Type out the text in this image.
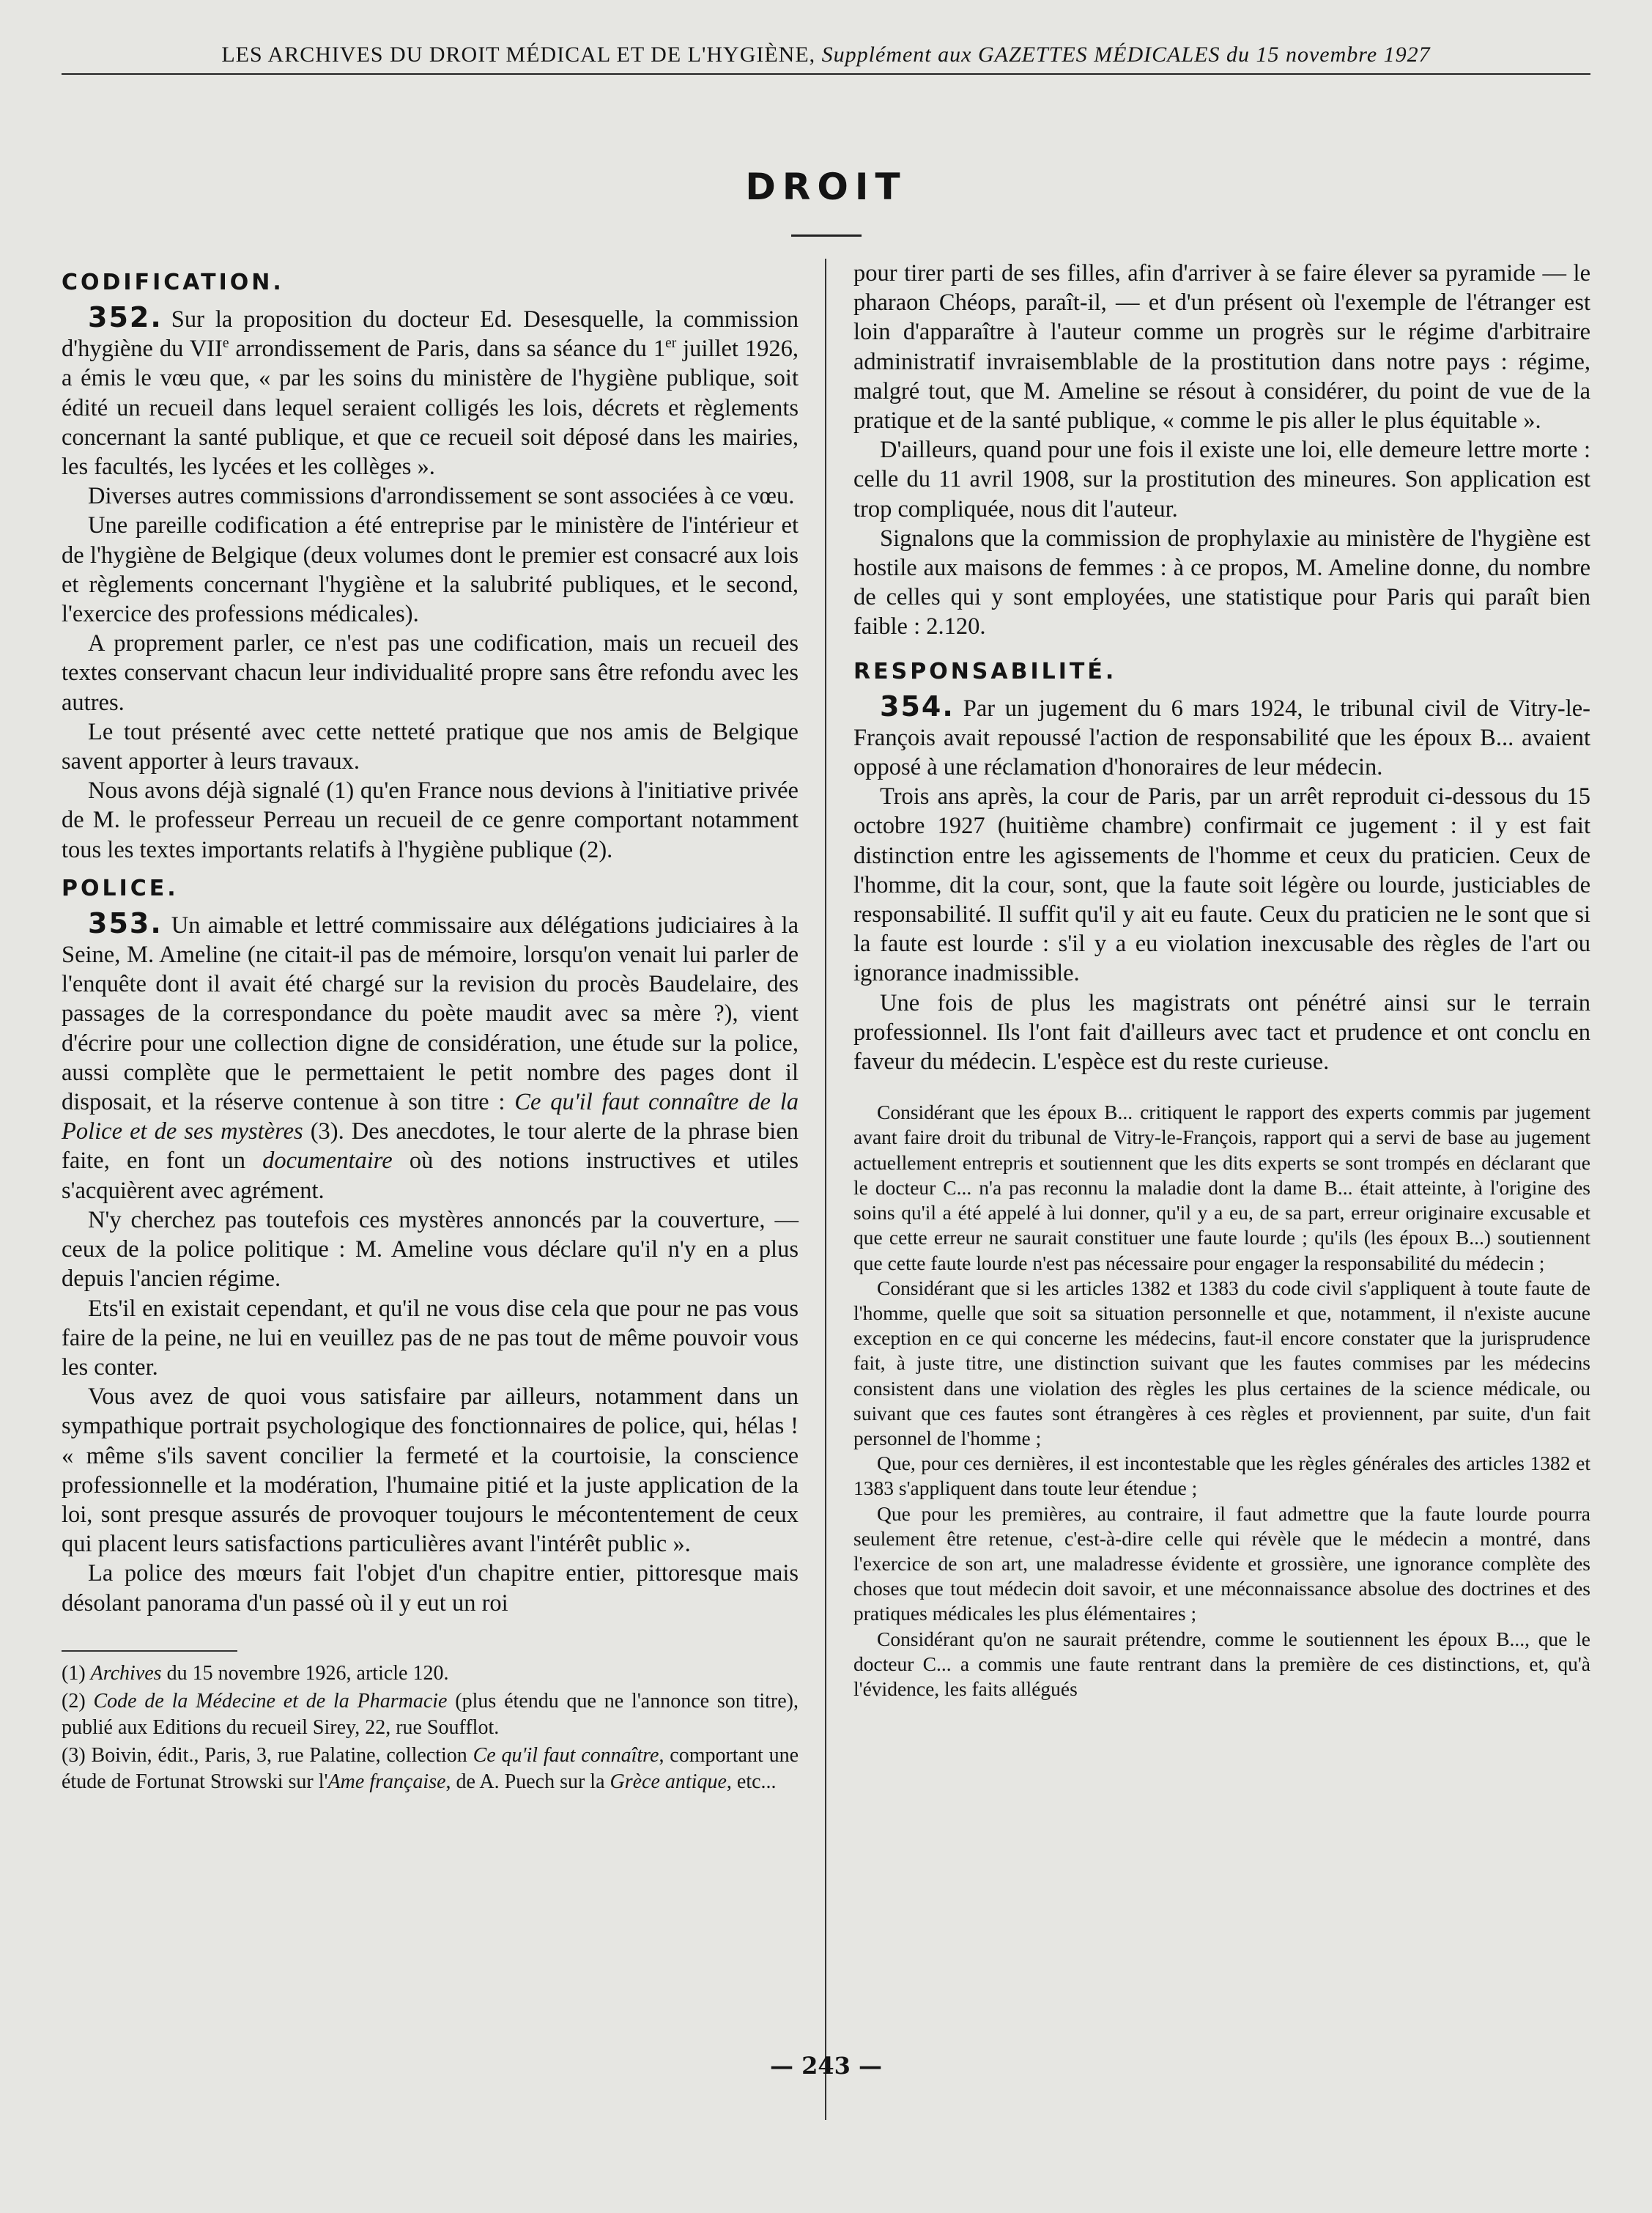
LES ARCHIVES DU DROIT MÉDICAL ET DE L'HYGIÈNE, Supplément aux GAZETTES MÉDICALES du 15 novembre 1927
DROIT
CODIFICATION.

352. Sur la proposition du docteur Ed. Desesquelle, la commission d'hygiène du VIIe arrondissement de Paris, dans sa séance du 1er juillet 1926, a émis le vœu que, « par les soins du ministère de l'hygiène publique, soit édité un recueil dans lequel seraient colligés les lois, décrets et règlements concernant la santé publique, et que ce recueil soit déposé dans les mairies, les facultés, les lycées et les collèges ».

Diverses autres commissions d'arrondissement se sont associées à ce vœu.

Une pareille codification a été entreprise par le ministère de l'intérieur et de l'hygiène de Belgique (deux volumes dont le premier est consacré aux lois et règlements concernant l'hygiène et la salubrité publiques, et le second, l'exercice des professions médicales).

A proprement parler, ce n'est pas une codification, mais un recueil des textes conservant chacun leur individualité propre sans être refondu avec les autres.

Le tout présenté avec cette netteté pratique que nos amis de Belgique savent apporter à leurs travaux.

Nous avons déjà signalé (1) qu'en France nous devions à l'initiative privée de M. le professeur Perreau un recueil de ce genre comportant notamment tous les textes importants relatifs à l'hygiène publique (2).

POLICE.

353. Un aimable et lettré commissaire aux délégations judiciaires à la Seine, M. Ameline (ne citait-il pas de mémoire, lorsqu'on venait lui parler de l'enquête dont il avait été chargé sur la revision du procès Baudelaire, des passages de la correspondance du poète maudit avec sa mère ?), vient d'écrire pour une collection digne de considération, une étude sur la police, aussi complète que le permettaient le petit nombre des pages dont il disposait, et la réserve contenue à son titre : Ce qu'il faut connaître de la Police et de ses mystères (3). Des anecdotes, le tour alerte de la phrase bien faite, en font un documentaire où des notions instructives et utiles s'acquièrent avec agrément.

N'y cherchez pas toutefois ces mystères annoncés par la couverture, — ceux de la police politique : M. Ameline vous déclare qu'il n'y en a plus depuis l'ancien régime.

Ets'il en existait cependant, et qu'il ne vous dise cela que pour ne pas vous faire de la peine, ne lui en veuillez pas de ne pas tout de même pouvoir vous les conter.

Vous avez de quoi vous satisfaire par ailleurs, notamment dans un sympathique portrait psychologique des fonctionnaires de police, qui, hélas ! « même s'ils savent concilier la fermeté et la courtoisie, la conscience professionnelle et la modération, l'humaine pitié et la juste application de la loi, sont presque assurés de provoquer toujours le mécontentement de ceux qui placent leurs satisfactions particulières avant l'intérêt public ».

La police des mœurs fait l'objet d'un chapitre entier, pittoresque mais désolant panorama d'un passé où il y eut un roi

(1) Archives du 15 novembre 1926, article 120.

(2) Code de la Médecine et de la Pharmacie (plus étendu que ne l'annonce son titre), publié aux Editions du recueil Sirey, 22, rue Soufflot.

(3) Boivin, édit., Paris, 3, rue Palatine, collection Ce qu'il faut connaître, comportant une étude de Fortunat Strowski sur l'Ame française, de A. Puech sur la Grèce antique, etc...

pour tirer parti de ses filles, afin d'arriver à se faire élever sa pyramide — le pharaon Chéops, paraît-il, — et d'un présent où l'exemple de l'étranger est loin d'apparaître à l'auteur comme un progrès sur le régime d'arbitraire administratif invraisemblable de la prostitution dans notre pays : régime, malgré tout, que M. Ameline se résout à considérer, du point de vue de la pratique et de la santé publique, « comme le pis aller le plus équitable ».

D'ailleurs, quand pour une fois il existe une loi, elle demeure lettre morte : celle du 11 avril 1908, sur la prostitution des mineures. Son application est trop compliquée, nous dit l'auteur.

Signalons que la commission de prophylaxie au ministère de l'hygiène est hostile aux maisons de femmes : à ce propos, M. Ameline donne, du nombre de celles qui y sont employées, une statistique pour Paris qui paraît bien faible : 2.120.

RESPONSABILITÉ.

354. Par un jugement du 6 mars 1924, le tribunal civil de Vitry-le-François avait repoussé l'action de responsabilité que les époux B... avaient opposé à une réclamation d'honoraires de leur médecin.

Trois ans après, la cour de Paris, par un arrêt reproduit ci-dessous du 15 octobre 1927 (huitième chambre) confirmait ce jugement : il y est fait distinction entre les agissements de l'homme et ceux du praticien. Ceux de l'homme, dit la cour, sont, que la faute soit légère ou lourde, justiciables de responsabilité. Il suffit qu'il y ait eu faute. Ceux du praticien ne le sont que si la faute est lourde : s'il y a eu violation inexcusable des règles de l'art ou ignorance inadmissible.

Une fois de plus les magistrats ont pénétré ainsi sur le terrain professionnel. Ils l'ont fait d'ailleurs avec tact et prudence et ont conclu en faveur du médecin. L'espèce est du reste curieuse.

Considérant que les époux B... critiquent le rapport des experts commis par jugement avant faire droit du tribunal de Vitry-le-François, rapport qui a servi de base au jugement actuellement entrepris et soutiennent que les dits experts se sont trompés en déclarant que le docteur C... n'a pas reconnu la maladie dont la dame B... était atteinte, à l'origine des soins qu'il a été appelé à lui donner, qu'il y a eu, de sa part, erreur originaire excusable et que cette erreur ne saurait constituer une faute lourde ; qu'ils (les époux B...) soutiennent que cette faute lourde n'est pas nécessaire pour engager la responsabilité du médecin ;

Considérant que si les articles 1382 et 1383 du code civil s'appliquent à toute faute de l'homme, quelle que soit sa situation personnelle et que, notamment, il n'existe aucune exception en ce qui concerne les médecins, faut-il encore constater que la jurisprudence fait, à juste titre, une distinction suivant que les fautes commises par les médecins consistent dans une violation des règles les plus certaines de la science médicale, ou suivant que ces fautes sont étrangères à ces règles et proviennent, par suite, d'un fait personnel de l'homme ;

Que, pour ces dernières, il est incontestable que les règles générales des articles 1382 et 1383 s'appliquent dans toute leur étendue ;

Que pour les premières, au contraire, il faut admettre que la faute lourde pourra seulement être retenue, c'est-à-dire celle qui révèle que le médecin a montré, dans l'exercice de son art, une maladresse évidente et grossière, une ignorance complète des choses que tout médecin doit savoir, et une méconnaissance absolue des doctrines et des pratiques médicales les plus élémentaires ;

Considérant qu'on ne saurait prétendre, comme le soutiennent les époux B..., que le docteur C... a commis une faute rentrant dans la première de ces distinctions, et, qu'à l'évidence, les faits allégués

— 243 —
